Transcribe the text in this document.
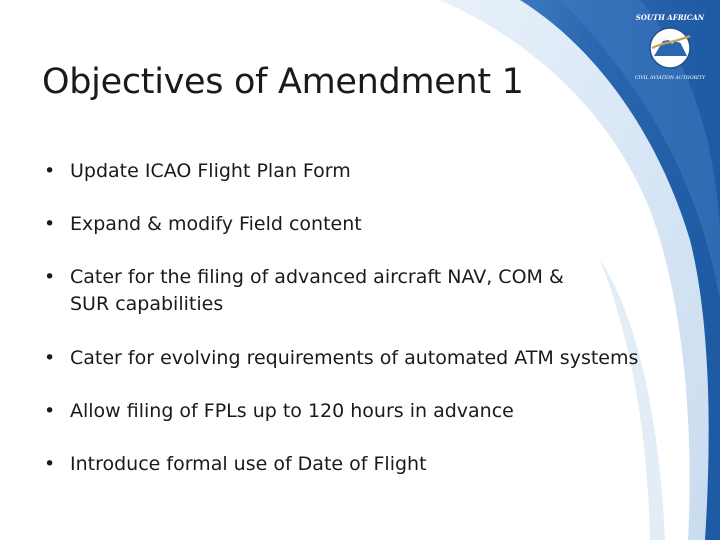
SOUTH AFRICAN
CIVIL AVIATION AUTHORITY
Objectives of Amendment 1
• Update ICAO Flight Plan Form
• Expand & modify Field content
• Cater for the filing of advanced aircraft NAV, COM & SUR capabilities
• Cater for evolving requirements of automated ATM systems
• Allow filing of FPLs up to 120 hours in advance
• Introduce formal use of Date of Flight
